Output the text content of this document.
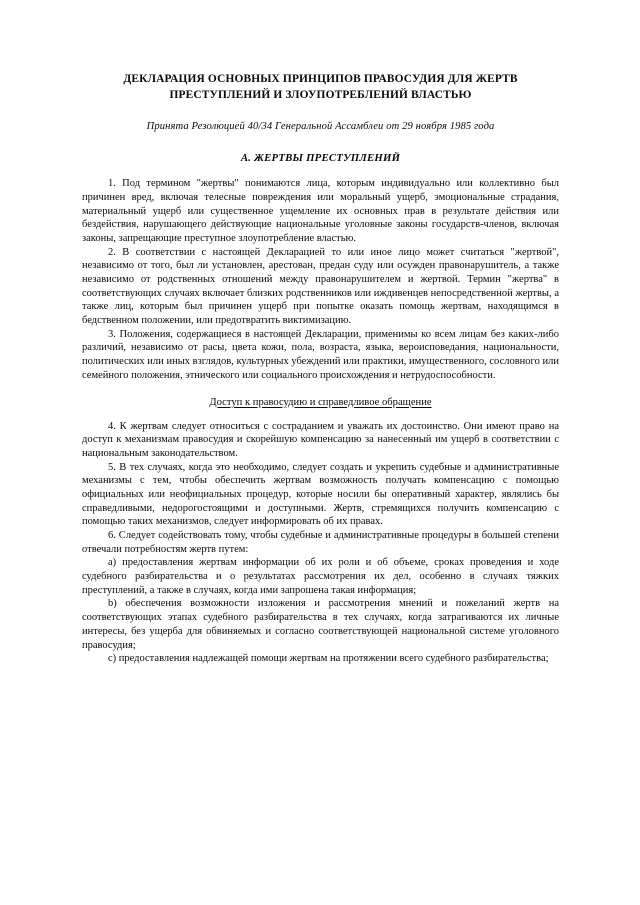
ДЕКЛАРАЦИЯ ОСНОВНЫХ ПРИНЦИПОВ ПРАВОСУДИЯ ДЛЯ ЖЕРТВ
ПРЕСТУПЛЕНИЙ И ЗЛОУПОТРЕБЛЕНИЙ ВЛАСТЬЮ
Принята Резолюцией 40/34 Генеральной Ассамблеи от 29 ноября 1985 года
А. ЖЕРТВЫ ПРЕСТУПЛЕНИЙ

1. Под термином "жертвы" понимаются лица, которым индивидуально или коллективно был причинен вред, включая телесные повреждения или моральный ущерб, эмоциональные страдания, материальный ущерб или существенное ущемление их основных прав в результате действия или бездействия, нарушающего действующие национальные уголовные законы государств-членов, включая законы, запрещающие преступное злоупотребление властью.

2. В соответствии с настоящей Декларацией то или иное лицо может считаться "жертвой", независимо от того, был ли установлен, арестован, предан суду или осужден правонарушитель, а также независимо от родственных отношений между правонарушителем и жертвой. Термин "жертва" в соответствующих случаях включает близких родственников или иждивенцев непосредственной жертвы, а также лиц, которым был причинен ущерб при попытке оказать помощь жертвам, находящимся в бедственном положении, или предотвратить виктимизацию.

3. Положения, содержащиеся в настоящей Декларации, применимы ко всем лицам без каких-либо различий, независимо от расы, цвета кожи, пола, возраста, языка, вероисповедания, национальности, политических или иных взглядов, культурных убеждений или практики, имущественного, сословного или семейного положения, этнического или социального происхождения и нетрудоспособности.

Доступ к правосудию и справедливое обращение

4. К жертвам следует относиться с состраданием и уважать их достоинство. Они имеют право на доступ к механизмам правосудия и скорейшую компенсацию за нанесенный им ущерб в соответствии с национальным законодательством.

5. В тех случаях, когда это необходимо, следует создать и укрепить судебные и административные механизмы с тем, чтобы обеспечить жертвам возможность получать компенсацию с помощью официальных или неофициальных процедур, которые носили бы оперативный характер, являлись бы справедливыми, недорогостоящими и доступными. Жертв, стремящихся получить компенсацию с помощью таких механизмов, следует информировать об их правах.

6. Следует содействовать тому, чтобы судебные и административные процедуры в большей степени отвечали потребностям жертв путем:

а) предоставления жертвам информации об их роли и об объеме, сроках проведения и ходе судебного разбирательства и о результатах рассмотрения их дел, особенно в случаях тяжких преступлений, а также в случаях, когда ими запрошена такая информация;

b) обеспечения возможности изложения и рассмотрения мнений и пожеланий жертв на соответствующих этапах судебного разбирательства в тех случаях, когда затрагиваются их личные интересы, без ущерба для обвиняемых и согласно соответствующей национальной системе уголовного правосудия;

с) предоставления надлежащей помощи жертвам на протяжении всего судебного разбирательства;
